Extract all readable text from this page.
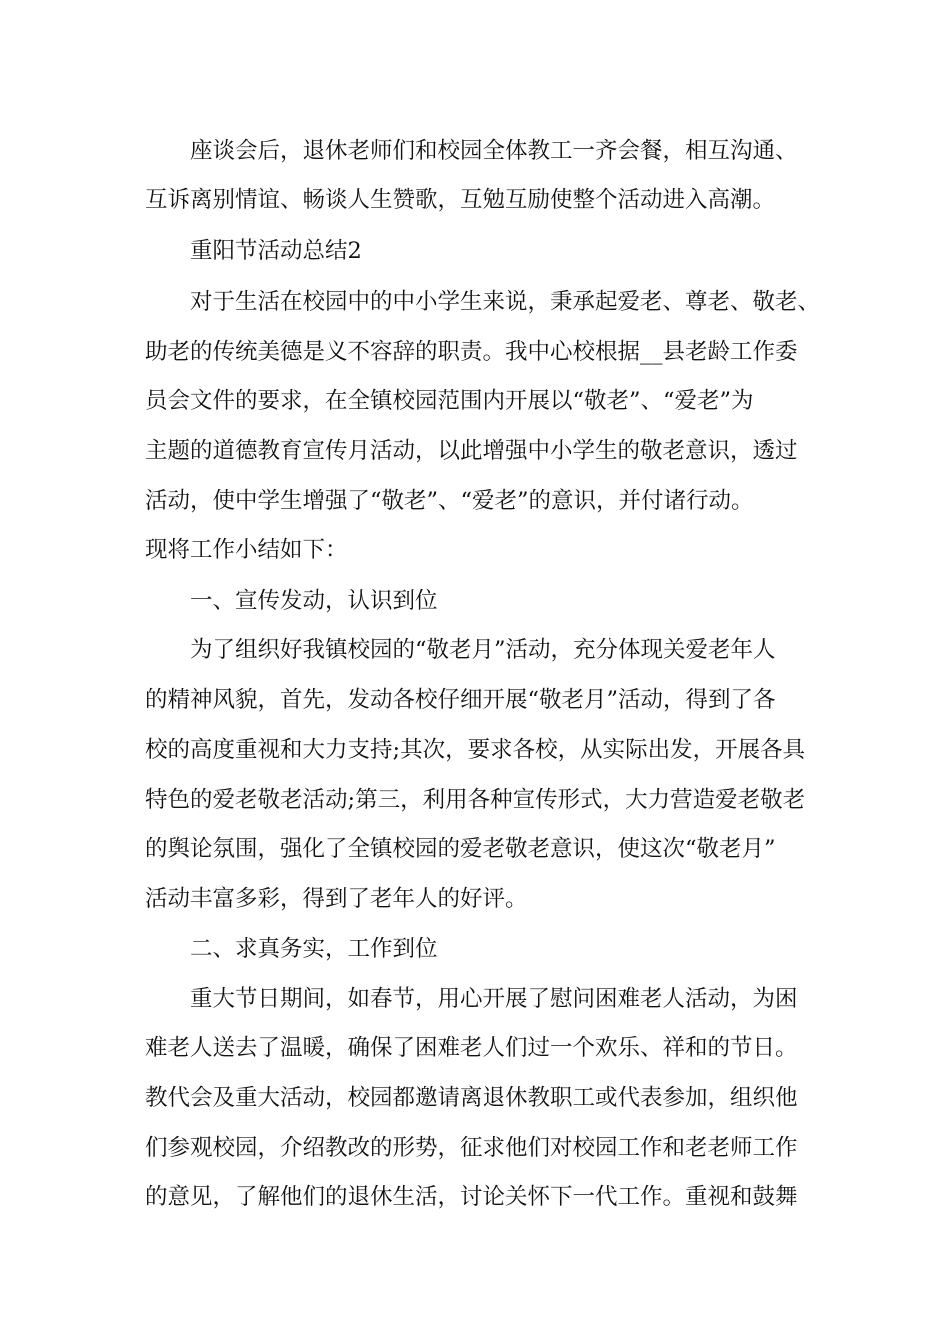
座谈会后，退休老师们和校园全体教工一齐会餐，相互沟通、
互诉离别情谊、畅谈人生赞歌，互勉互励使整个活动进入高潮。
重阳节活动总结2
对于生活在校园中的中小学生来说，秉承起爱老、尊老、敬老、
助老的传统美德是义不容辞的职责。我中心校根据__县老龄工作委
员会文件的要求，在全镇校园范围内开展以“敬老”、“爱老”为
主题的道德教育宣传月活动，以此增强中小学生的敬老意识，透过
活动，使中学生增强了“敬老”、“爱老”的意识，并付诸行动。
现将工作小结如下：
一、宣传发动，认识到位
为了组织好我镇校园的“敬老月”活动，充分体现关爱老年人
的精神风貌，首先，发动各校仔细开展“敬老月”活动，得到了各
校的高度重视和大力支持;其次，要求各校，从实际出发，开展各具
特色的爱老敬老活动;第三，利用各种宣传形式，大力营造爱老敬老
的舆论氛围，强化了全镇校园的爱老敬老意识，使这次“敬老月”
活动丰富多彩，得到了老年人的好评。
二、求真务实，工作到位
重大节日期间，如春节，用心开展了慰问困难老人活动，为困
难老人送去了温暖，确保了困难老人们过一个欢乐、祥和的节日。
教代会及重大活动，校园都邀请离退休教职工或代表参加，组织他
们参观校园，介绍教改的形势，征求他们对校园工作和老老师工作
的意见，了解他们的退休生活，讨论关怀下一代工作。重视和鼓舞
